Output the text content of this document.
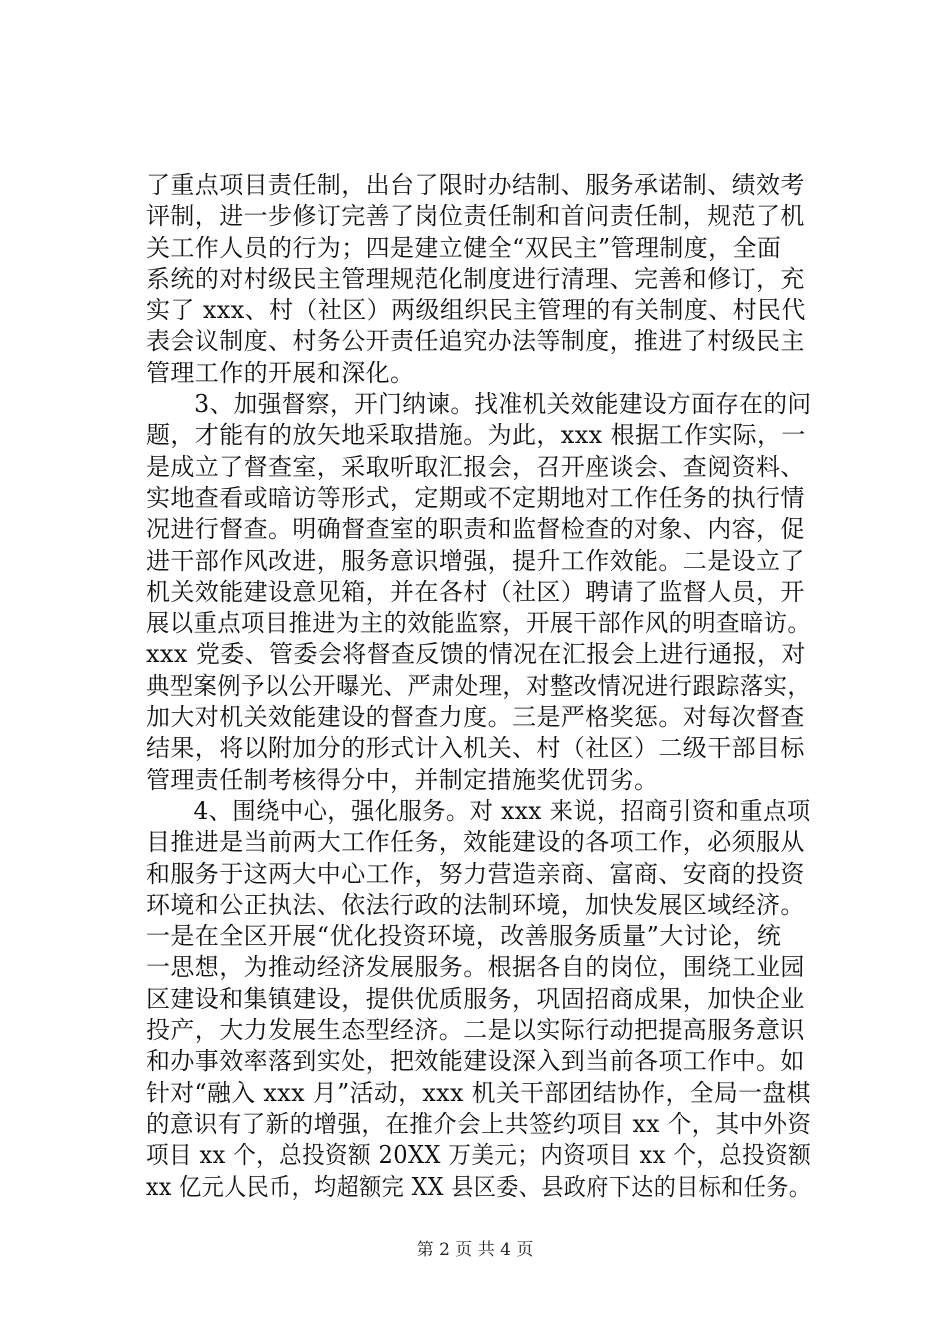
了重点项目责任制，出台了限时办结制、服务承诺制、绩效考
评制，进一步修订完善了岗位责任制和首问责任制，规范了机
关工作人员的行为；四是建立健全“双民主”管理制度，全面
系统的对村级民主管理规范化制度进行清理、完善和修订，充
实了 xxx、村（社区）两级组织民主管理的有关制度、村民代
表会议制度、村务公开责任追究办法等制度，推进了村级民主
管理工作的开展和深化。
　　3、加强督察，开门纳谏。找准机关效能建设方面存在的问
题，才能有的放矢地采取措施。为此，xxx 根据工作实际，一
是成立了督查室，采取听取汇报会，召开座谈会、查阅资料、
实地查看或暗访等形式，定期或不定期地对工作任务的执行情
况进行督查。明确督查室的职责和监督检查的对象、内容，促
进干部作风改进，服务意识增强，提升工作效能。二是设立了
机关效能建设意见箱，并在各村（社区）聘请了监督人员，开
展以重点项目推进为主的效能监察，开展干部作风的明查暗访。
xxx 党委、管委会将督查反馈的情况在汇报会上进行通报，对
典型案例予以公开曝光、严肃处理，对整改情况进行跟踪落实，
加大对机关效能建设的督查力度。三是严格奖惩。对每次督查
结果，将以附加分的形式计入机关、村（社区）二级干部目标
管理责任制考核得分中，并制定措施奖优罚劣。
　　4、围绕中心，强化服务。对 xxx 来说，招商引资和重点项
目推进是当前两大工作任务，效能建设的各项工作，必须服从
和服务于这两大中心工作，努力营造亲商、富商、安商的投资
环境和公正执法、依法行政的法制环境，加快发展区域经济。
一是在全区开展“优化投资环境，改善服务质量”大讨论，统
一思想，为推动经济发展服务。根据各自的岗位，围绕工业园
区建设和集镇建设，提供优质服务，巩固招商成果，加快企业
投产，大力发展生态型经济。二是以实际行动把提高服务意识
和办事效率落到实处，把效能建设深入到当前各项工作中。如
针对“融入 xxx 月”活动，xxx 机关干部团结协作，全局一盘棋
的意识有了新的增强，在推介会上共签约项目 xx 个，其中外资
项目 xx 个，总投资额 20XX 万美元；内资项目 xx 个，总投资额
xx 亿元人民币，均超额完 XX 县区委、县政府下达的目标和任务。
第 2 页 共 4 页
